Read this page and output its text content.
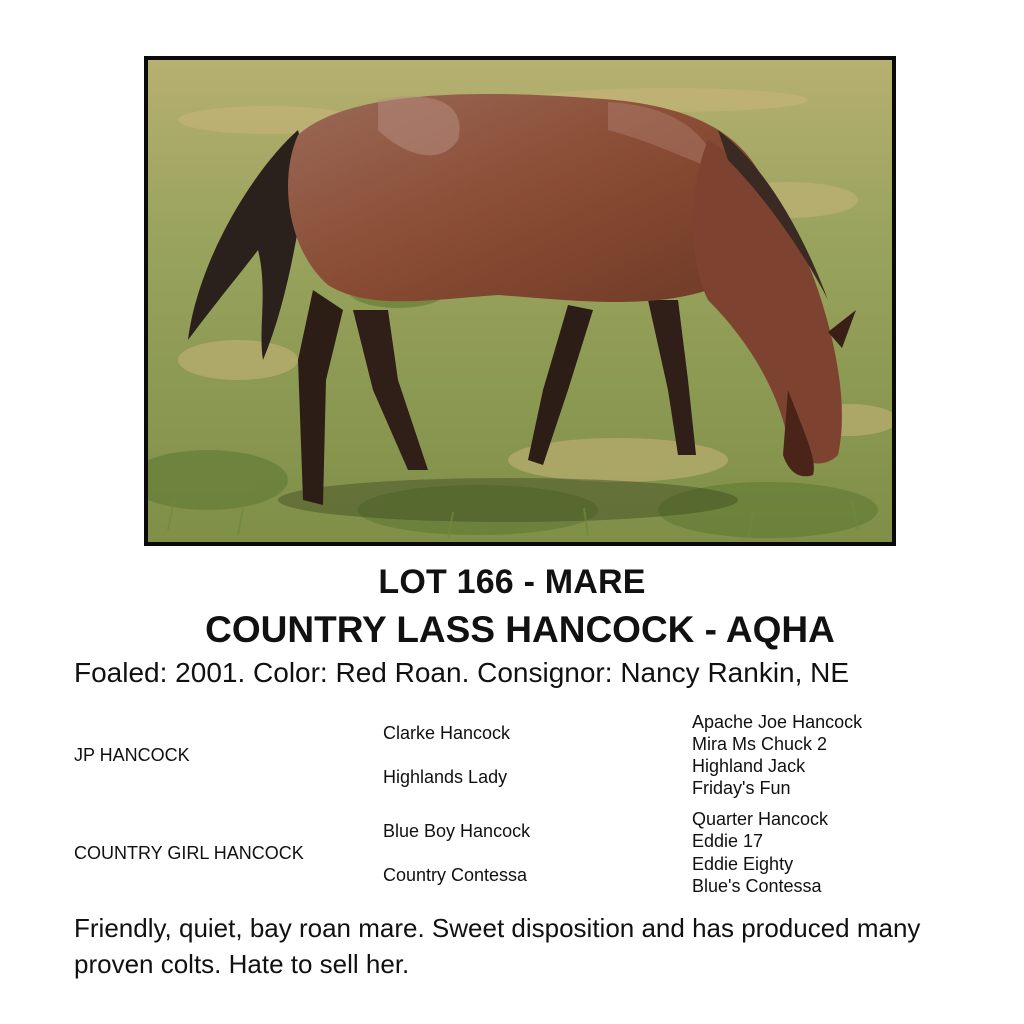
LOT 166 - MARE
COUNTRY LASS HANCOCK - AQHA
Foaled: 2001. Color: Red Roan. Consignor: Nancy Rankin, NE
JP HANCOCK
COUNTRY GIRL HANCOCK
Clarke Hancock
Highlands Lady
Blue Boy Hancock
Country Contessa
Apache Joe Hancock
Mira Ms Chuck 2
Highland Jack
Friday's Fun
Quarter Hancock
Eddie 17
Eddie Eighty
Blue's Contessa
Friendly, quiet, bay roan mare. Sweet disposition and has produced many proven colts. Hate to sell her.
